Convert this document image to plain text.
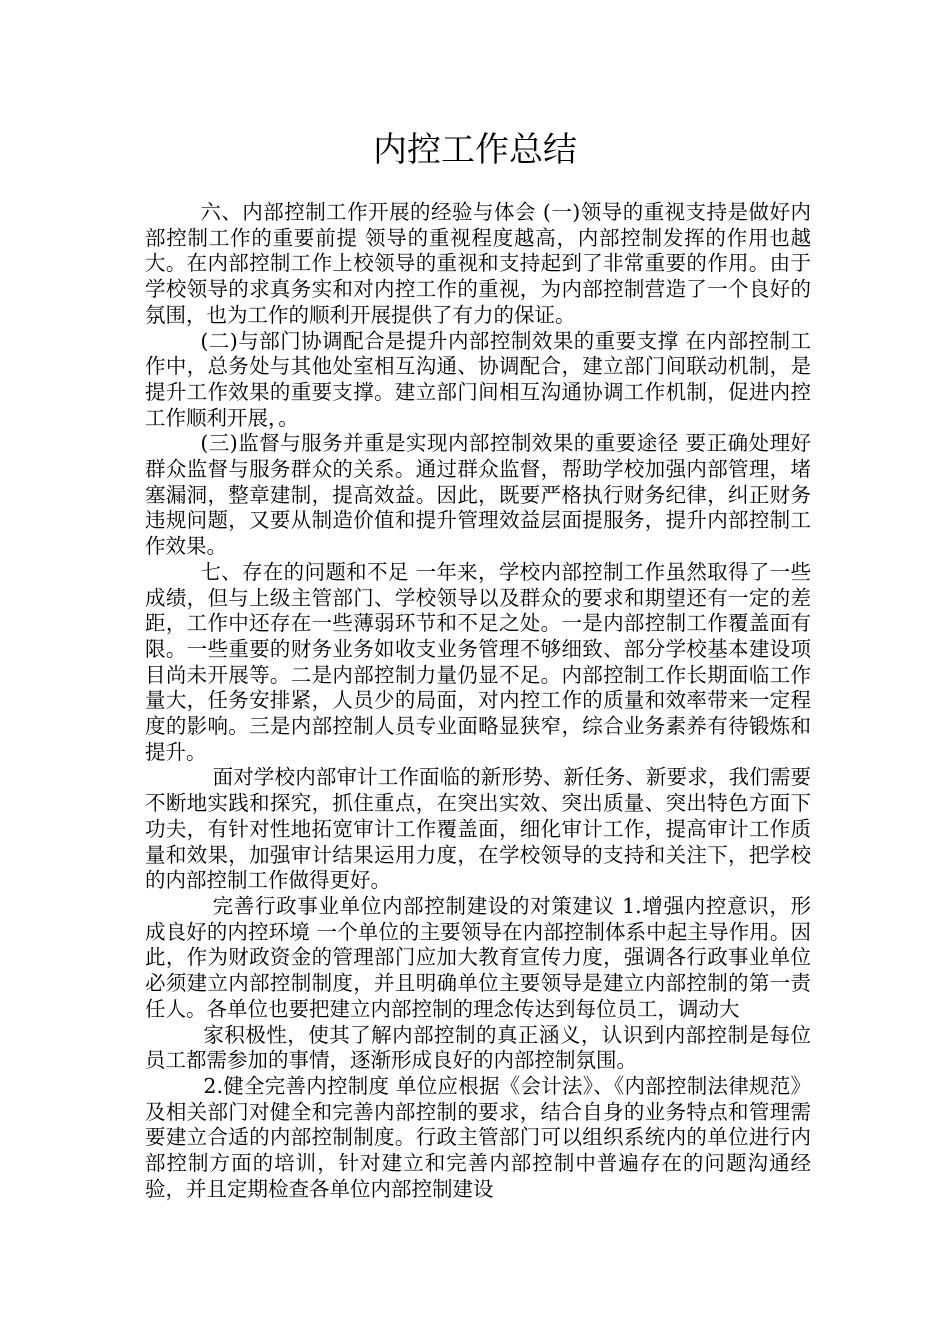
内控工作总结

六、内部控制工作开展的经验与体会 (一)领导的重视支持是做好内部控制工作的重要前提 领导的重视程度越高，内部控制发挥的作用也越大。在内部控制工作上校领导的重视和支持起到了非常重要的作用。由于学校领导的求真务实和对内控工作的重视，为内部控制营造了一个良好的氛围，也为工作的顺利开展提供了有力的保证。

(二)与部门协调配合是提升内部控制效果的重要支撑 在内部控制工作中，总务处与其他处室相互沟通、协调配合，建立部门间联动机制，是提升工作效果的重要支撑。建立部门间相互沟通协调工作机制，促进内控工作顺利开展，。

(三)监督与服务并重是实现内部控制效果的重要途径 要正确处理好群众监督与服务群众的关系。通过群众监督，帮助学校加强内部管理，堵塞漏洞，整章建制，提高效益。因此，既要严格执行财务纪律，纠正财务违规问题，又要从制造价值和提升管理效益层面提服务，提升内部控制工作效果。

七、存在的问题和不足 一年来，学校内部控制工作虽然取得了一些成绩，但与上级主管部门、学校领导以及群众的要求和期望还有一定的差距，工作中还存在一些薄弱环节和不足之处。一是内部控制工作覆盖面有限。一些重要的财务业务如收支业务管理不够细致、部分学校基本建设项目尚未开展等。二是内部控制力量仍显不足。内部控制工作长期面临工作量大，任务安排紧，人员少的局面，对内控工作的质量和效率带来一定程度的影响。三是内部控制人员专业面略显狭窄，综合业务素养有待锻炼和提升。

面对学校内部审计工作面临的新形势、新任务、新要求，我们需要不断地实践和探究，抓住重点，在突出实效、突出质量、突出特色方面下功夫，有针对性地拓宽审计工作覆盖面，细化审计工作，提高审计工作质量和效果，加强审计结果运用力度，在学校领导的支持和关注下，把学校的内部控制工作做得更好。

完善行政事业单位内部控制建设的对策建议 1.增强内控意识，形成良好的内控环境 一个单位的主要领导在内部控制体系中起主导作用。因此，作为财政资金的管理部门应加大教育宣传力度，强调各行政事业单位必须建立内部控制制度，并且明确单位主要领导是建立内部控制的第一责任人。各单位也要把建立内部控制的理念传达到每位员工，调动大

家积极性，使其了解内部控制的真正涵义，认识到内部控制是每位员工都需参加的事情，逐渐形成良好的内部控制氛围。

2.健全完善内控制度 单位应根据《会计法》、《内部控制法律规范》及相关部门对健全和完善内部控制的要求，结合自身的业务特点和管理需要建立合适的内部控制制度。行政主管部门可以组织系统内的单位进行内部控制方面的培训，针对建立和完善内部控制中普遍存在的问题沟通经验，并且定期检查各单位内部控制建设
